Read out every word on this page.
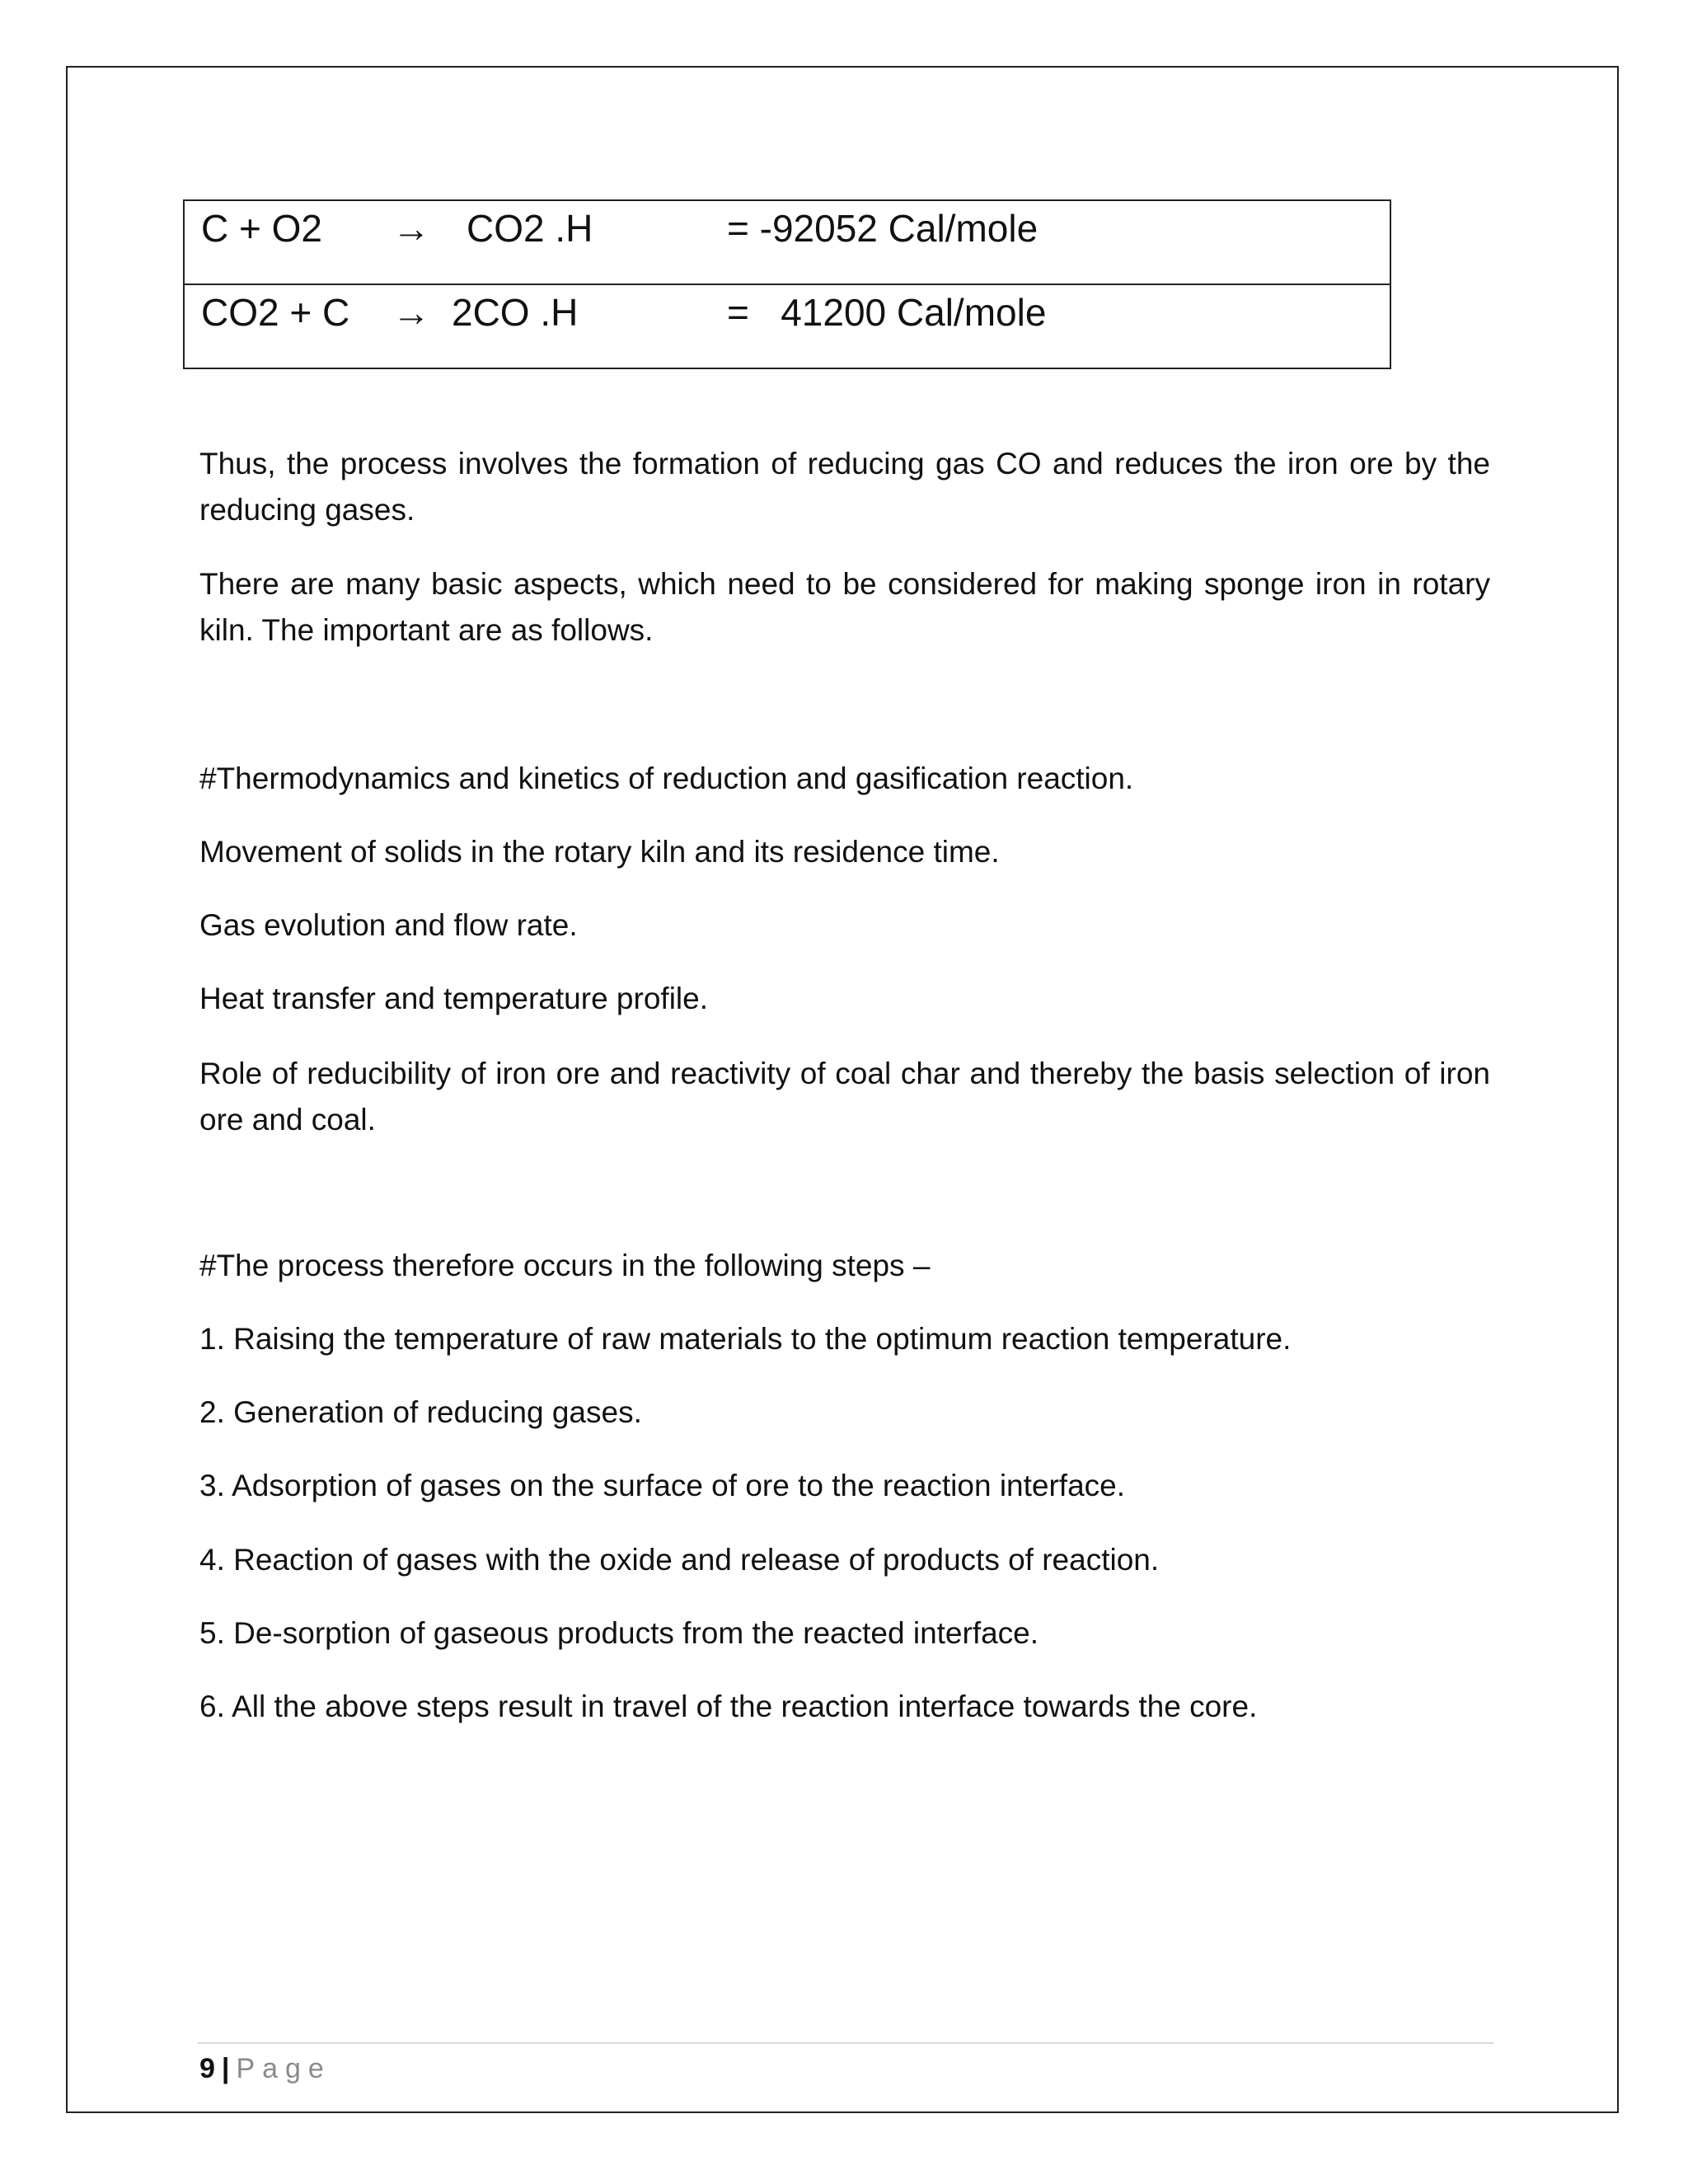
C + O2 → CO2 .H	= -92052 Cal/mole

CO2 + C → 2CO .H	=   41200 Cal/mole

Thus, the process involves the formation of reducing gas CO and reduces the iron ore by the reducing gases.

There are many basic aspects, which need to be considered for making sponge iron in rotary kiln. The important are as follows.

#Thermodynamics and kinetics of reduction and gasification reaction.

Movement of solids in the rotary kiln and its residence time.

Gas evolution and flow rate.

Heat transfer and temperature profile.

Role of reducibility of iron ore and reactivity of coal char and thereby the basis selection of iron ore and coal.

#The process therefore occurs in the following steps –

1. Raising the temperature of raw materials to the optimum reaction temperature.

2. Generation of reducing gases.

3. Adsorption of gases on the surface of ore to the reaction interface.

4. Reaction of gases with the oxide and release of products of reaction.

5. De-sorption of gaseous products from the reacted interface.

6. All the above steps result in travel of the reaction interface towards the core.

9 | Page
